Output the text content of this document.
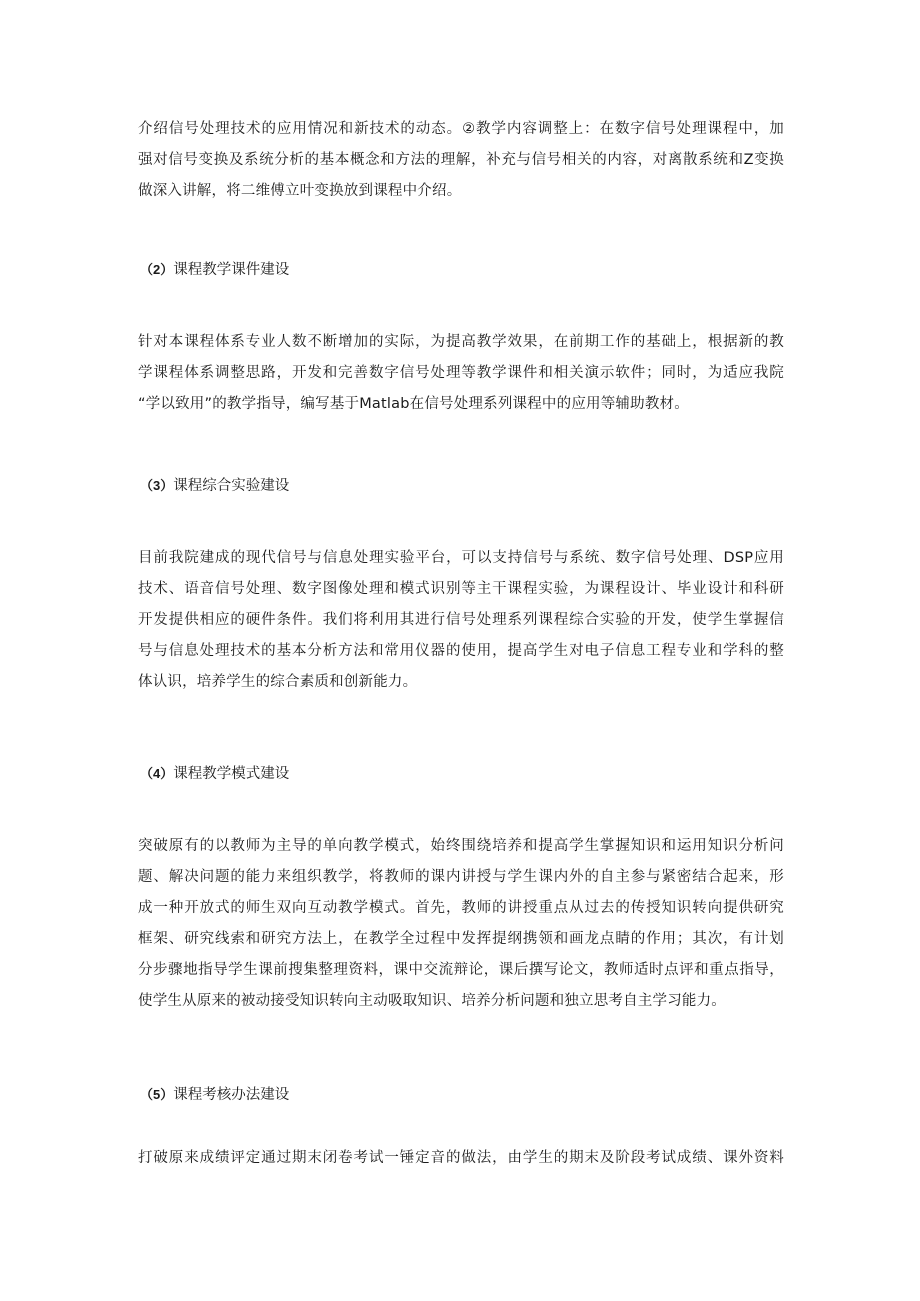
介绍信号处理技术的应用情况和新技术的动态。②教学内容调整上：在数字信号处理课程中，加
强对信号变换及系统分析的基本概念和方法的理解，补充与信号相关的内容，对离散系统和Z变换
做深入讲解，将二维傅立叶变换放到课程中介绍。

（2）课程教学课件建设

针对本课程体系专业人数不断增加的实际，为提高教学效果，在前期工作的基础上，根据新的教
学课程体系调整思路，开发和完善数字信号处理等教学课件和相关演示软件；同时，为适应我院
“学以致用”的教学指导，编写基于Matlab在信号处理系列课程中的应用等辅助教材。

（3）课程综合实验建设

目前我院建成的现代信号与信息处理实验平台，可以支持信号与系统、数字信号处理、DSP应用
技术、语音信号处理、数字图像处理和模式识别等主干课程实验，为课程设计、毕业设计和科研
开发提供相应的硬件条件。我们将利用其进行信号处理系列课程综合实验的开发，使学生掌握信
号与信息处理技术的基本分析方法和常用仪器的使用，提高学生对电子信息工程专业和学科的整
体认识，培养学生的综合素质和创新能力。

（4）课程教学模式建设

突破原有的以教师为主导的单向教学模式，始终围绕培养和提高学生掌握知识和运用知识分析问
题、解决问题的能力来组织教学，将教师的课内讲授与学生课内外的自主参与紧密结合起来，形
成一种开放式的师生双向互动教学模式。首先，教师的讲授重点从过去的传授知识转向提供研究
框架、研究线索和研究方法上，在教学全过程中发挥提纲携领和画龙点睛的作用；其次，有计划
分步骤地指导学生课前搜集整理资料，课中交流辩论，课后撰写论文，教师适时点评和重点指导，
使学生从原来的被动接受知识转向主动吸取知识、培养分析问题和独立思考自主学习能力。

（5）课程考核办法建设

打破原来成绩评定通过期末闭卷考试一锤定音的做法，由学生的期末及阶段考试成绩、课外资料
